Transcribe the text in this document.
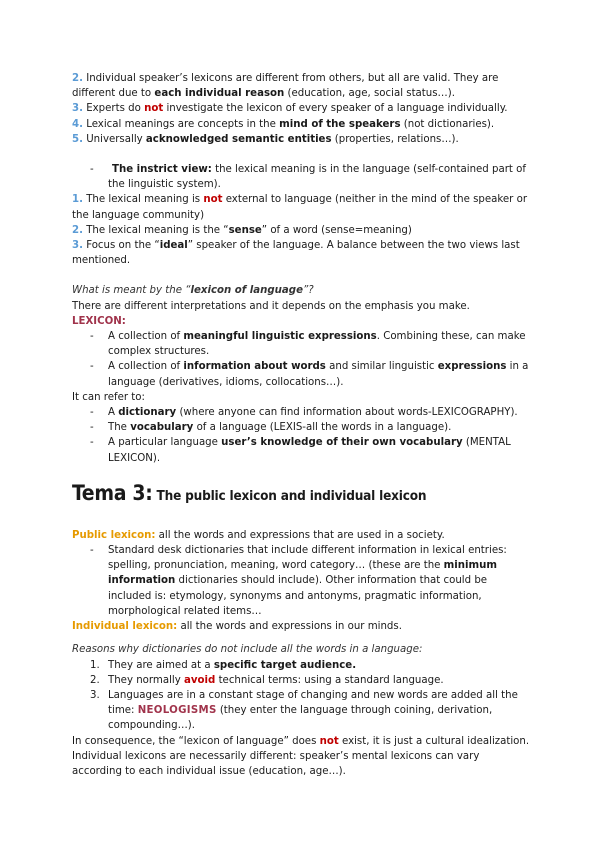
2. Individual speaker’s lexicons are different from others, but all are valid. They are different due to each individual reason (education, age, social status…).

3. Experts do not investigate the lexicon of every speaker of a language individually.

4. Lexical meanings are concepts in the mind of the speakers (not dictionaries).

5. Universally acknowledged semantic entities (properties, relations…).

- The instrict view: the lexical meaning is in the language (self-contained part of the linguistic system).

1. The lexical meaning is not external to language (neither in the mind of the speaker or the language community)

2. The lexical meaning is the “sense” of a word (sense=meaning)

3. Focus on the “ideal” speaker of the language. A balance between the two views last mentioned.

What is meant by the “lexicon of language”?

There are different interpretations and it depends on the emphasis you make.

LEXICON:

- A collection of meaningful linguistic expressions. Combining these, can make complex structures.

- A collection of information about words and similar linguistic expressions in a language (derivatives, idioms, collocations…).

It can refer to:

- A dictionary (where anyone can find information about words-LEXICOGRAPHY).

- The vocabulary of a language (LEXIS-all the words in a language).

- A particular language user’s knowledge of their own vocabulary (MENTAL LEXICON).

Tema 3: The public lexicon and individual lexicon

Public lexicon: all the words and expressions that are used in a society.

- Standard desk dictionaries that include different information in lexical entries: spelling, pronunciation, meaning, word category… (these are the minimum information dictionaries should include). Other information that could be included is: etymology, synonyms and antonyms, pragmatic information, morphological related items…

Individual lexicon: all the words and expressions in our minds.

Reasons why dictionaries do not include all the words in a language:

1. They are aimed at a specific target audience.

2. They normally avoid technical terms: using a standard language.

3. Languages are in a constant stage of changing and new words are added all the time: NEOLOGISMS (they enter the language through coining, derivation, compounding…).

In consequence, the “lexicon of language” does not exist, it is just a cultural idealization.

Individual lexicons are necessarily different: speaker’s mental lexicons can vary according to each individual issue (education, age…).
